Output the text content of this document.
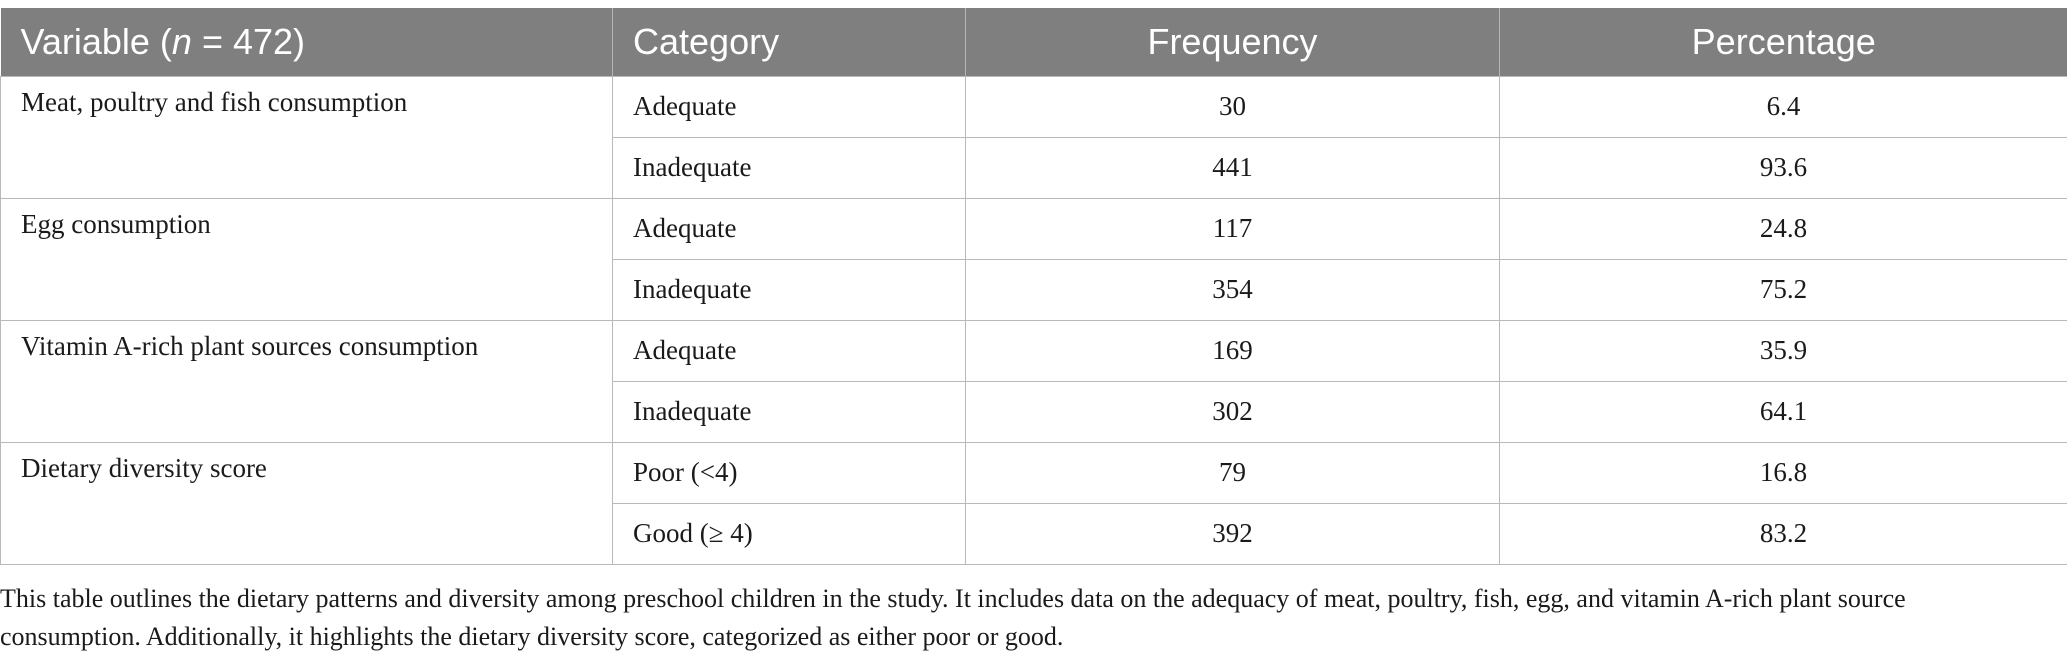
Variable (n = 472)	Category	Frequency	Percentage
Meat, poultry and fish consumption	Adequate	30	6.4
	Inadequate	441	93.6
Egg consumption	Adequate	117	24.8
	Inadequate	354	75.2
Vitamin A-rich plant sources consumption	Adequate	169	35.9
	Inadequate	302	64.1
Dietary diversity score	Poor (<4)	79	16.8
	Good (≥ 4)	392	83.2
This table outlines the dietary patterns and diversity among preschool children in the study. It includes data on the adequacy of meat, poultry, fish, egg, and vitamin A-rich plant source consumption. Additionally, it highlights the dietary diversity score, categorized as either poor or good.
